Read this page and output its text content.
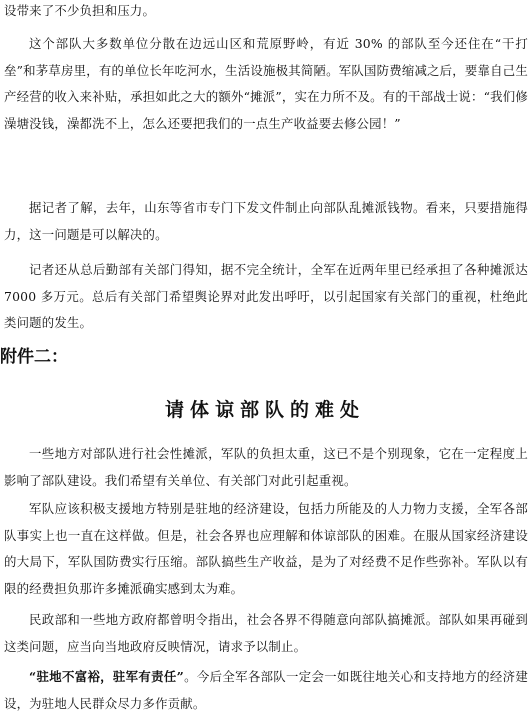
设带来了不少负担和压力。

这个部队大多数单位分散在边远山区和荒原野岭，有近 30% 的部队至今还住在“干打垒”和茅草房里，有的单位长年吃河水，生活设施极其简陋。军队国防费缩减之后，要靠自己生产经营的收入来补贴，承担如此之大的额外“摊派”，实在力所不及。有的干部战士说：“我们修澡塘没钱，澡都洗不上，怎么还要把我们的一点生产收益要去修公园！”

据记者了解，去年，山东等省市专门下发文件制止向部队乱摊派钱物。看来，只要措施得力，这一问题是可以解决的。

记者还从总后勤部有关部门得知，据不完全统计，全军在近两年里已经承担了各种摊派达 7000 多万元。总后有关部门希望舆论界对此发出呼吁，以引起国家有关部门的重视，杜绝此类问题的发生。

附件二：
请体谅部队的难处

一些地方对部队进行社会性摊派，军队的负担太重，这已不是个别现象，它在一定程度上影响了部队建设。我们希望有关单位、有关部门对此引起重视。

军队应该积极支援地方特别是驻地的经济建设，包括力所能及的人力物力支援，全军各部队事实上也一直在这样做。但是，社会各界也应理解和体谅部队的困难。在服从国家经济建设的大局下，军队国防费实行压缩。部队搞些生产收益，是为了对经费不足作些弥补。军队以有限的经费担负那许多摊派确实感到太为难。

民政部和一些地方政府都曾明令指出，社会各界不得随意向部队搞摊派。部队如果再碰到这类问题，应当向当地政府反映情况，请求予以制止。

“驻地不富裕，驻军有责任”。今后全军各部队一定会一如既往地关心和支持地方的经济建设，为驻地人民群众尽力多作贡献。
